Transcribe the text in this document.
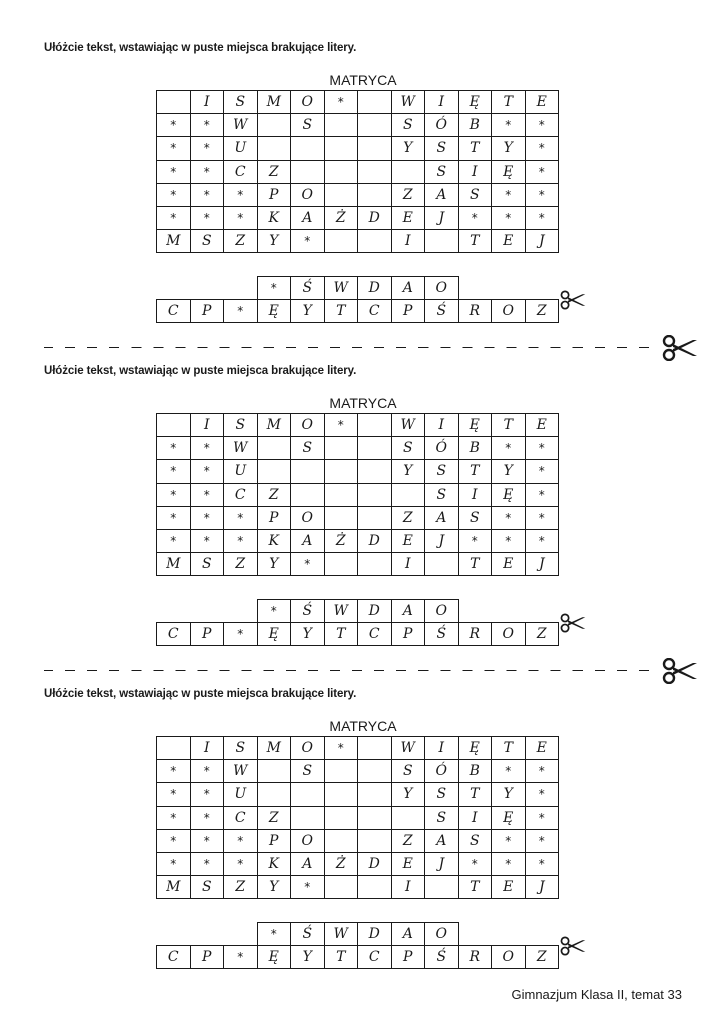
Ułóżcie tekst, wstawiając w puste miejsca brakujące litery.
MATRYCA
	I	S	M	O	*		W	I	Ę	T	E
*	*	W		S			S	Ó	B	*	*
*	*	U					Y	S	T	Y	*
*	*	C	Z					S	I	Ę	*
*	*	*	P	O			Z	A	S	*	*
*	*	*	K	A	Ż	D	E	J	*	*	*
M	S	Z	Y	*			I		T	E	J
			*	Ś	W	D	A	O			
C	P	*	Ę	Y	T	C	P	Ś	R	O	Z
Ułóżcie tekst, wstawiając w puste miejsca brakujące litery.
MATRYCA
	I	S	M	O	*		W	I	Ę	T	E
*	*	W		S			S	Ó	B	*	*
*	*	U					Y	S	T	Y	*
*	*	C	Z					S	I	Ę	*
*	*	*	P	O			Z	A	S	*	*
*	*	*	K	A	Ż	D	E	J	*	*	*
M	S	Z	Y	*			I		T	E	J
			*	Ś	W	D	A	O			
C	P	*	Ę	Y	T	C	P	Ś	R	O	Z
Ułóżcie tekst, wstawiając w puste miejsca brakujące litery.
MATRYCA
	I	S	M	O	*		W	I	Ę	T	E
*	*	W		S			S	Ó	B	*	*
*	*	U					Y	S	T	Y	*
*	*	C	Z					S	I	Ę	*
*	*	*	P	O			Z	A	S	*	*
*	*	*	K	A	Ż	D	E	J	*	*	*
M	S	Z	Y	*			I		T	E	J
			*	Ś	W	D	A	O			
C	P	*	Ę	Y	T	C	P	Ś	R	O	Z
Gimnazjum Klasa II, temat 33
